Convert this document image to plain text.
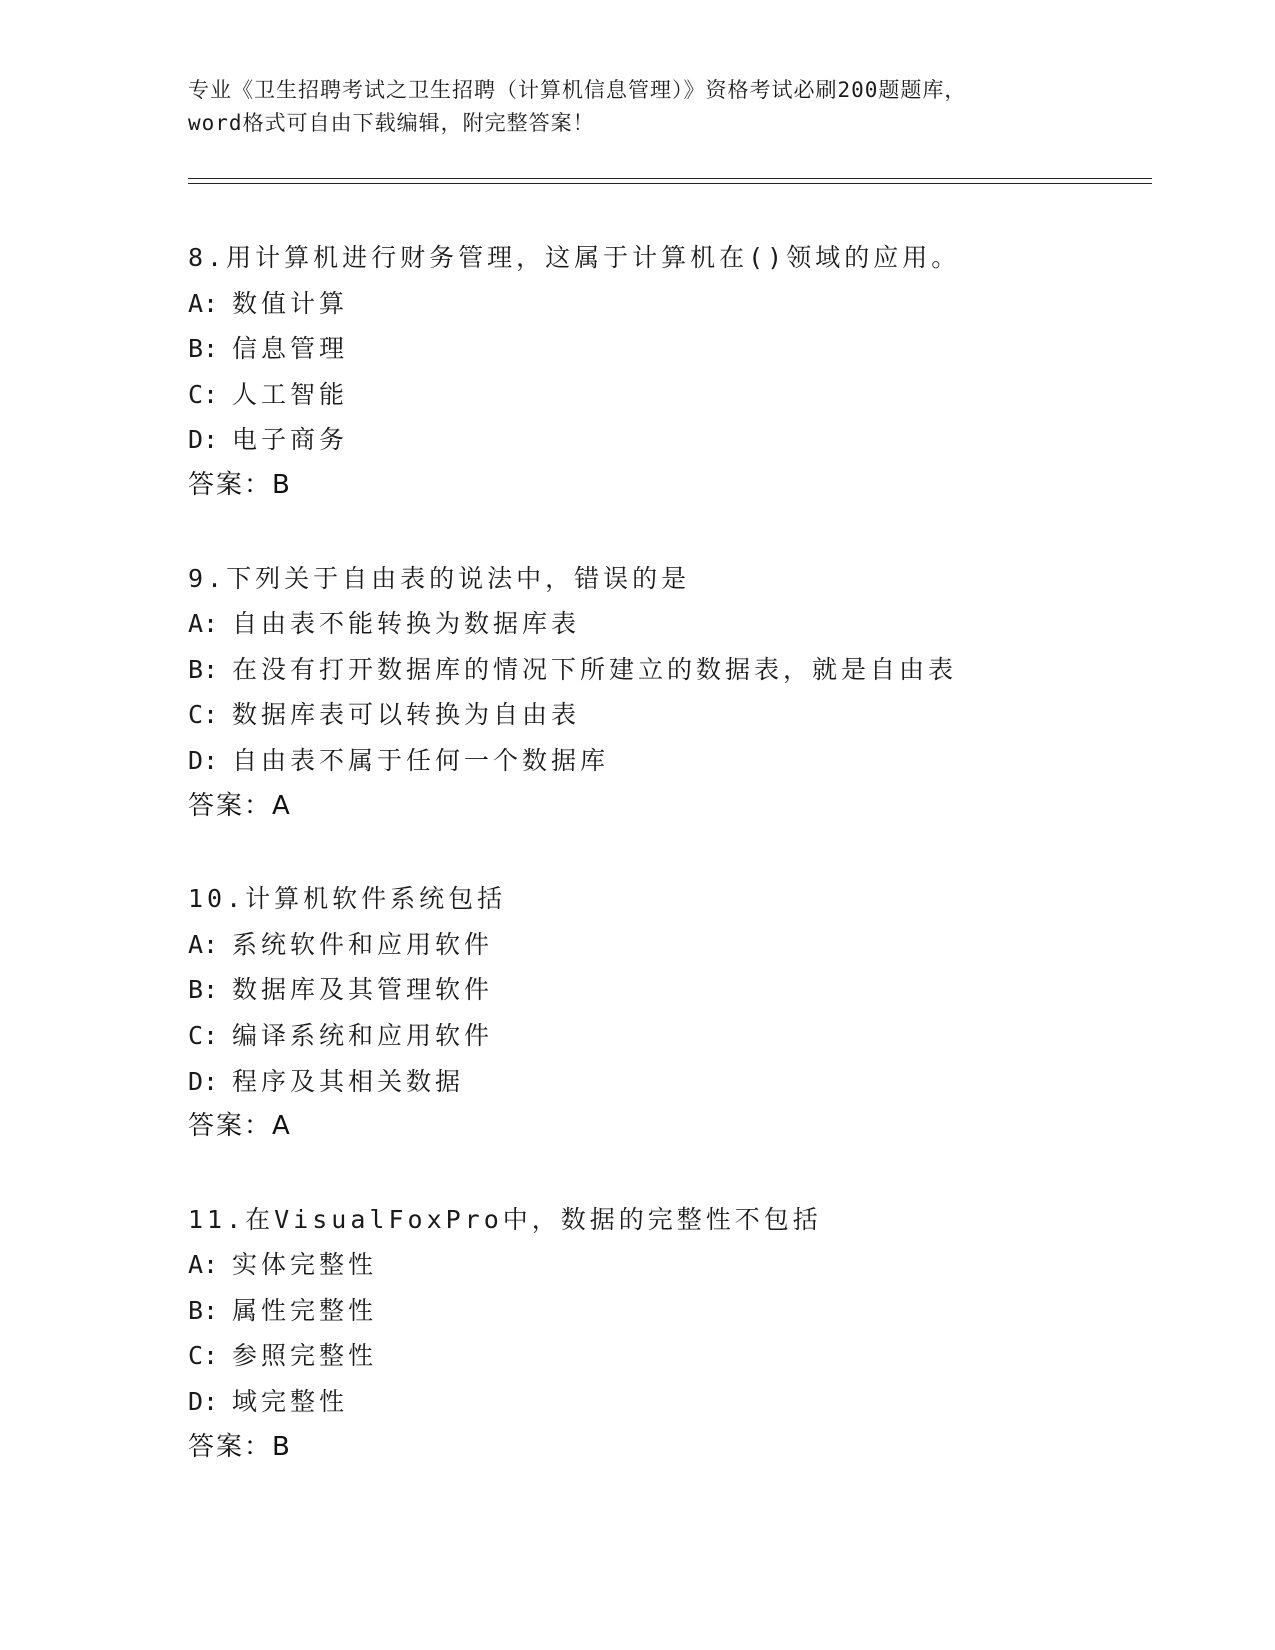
专业《卫生招聘考试之卫生招聘（计算机信息管理）》资格考试必刷200题题库，
word格式可自由下载编辑，附完整答案！
8.用计算机进行财务管理，这属于计算机在()领域的应用。
A: 数值计算
B: 信息管理
C: 人工智能
D: 电子商务
答案：B
9.下列关于自由表的说法中，错误的是
A: 自由表不能转换为数据库表
B: 在没有打开数据库的情况下所建立的数据表，就是自由表
C: 数据库表可以转换为自由表
D: 自由表不属于任何一个数据库
答案：A
10.计算机软件系统包括
A: 系统软件和应用软件
B: 数据库及其管理软件
C: 编译系统和应用软件
D: 程序及其相关数据
答案：A
11.在VisualFoxPro中，数据的完整性不包括
A: 实体完整性
B: 属性完整性
C: 参照完整性
D: 域完整性
答案：B
